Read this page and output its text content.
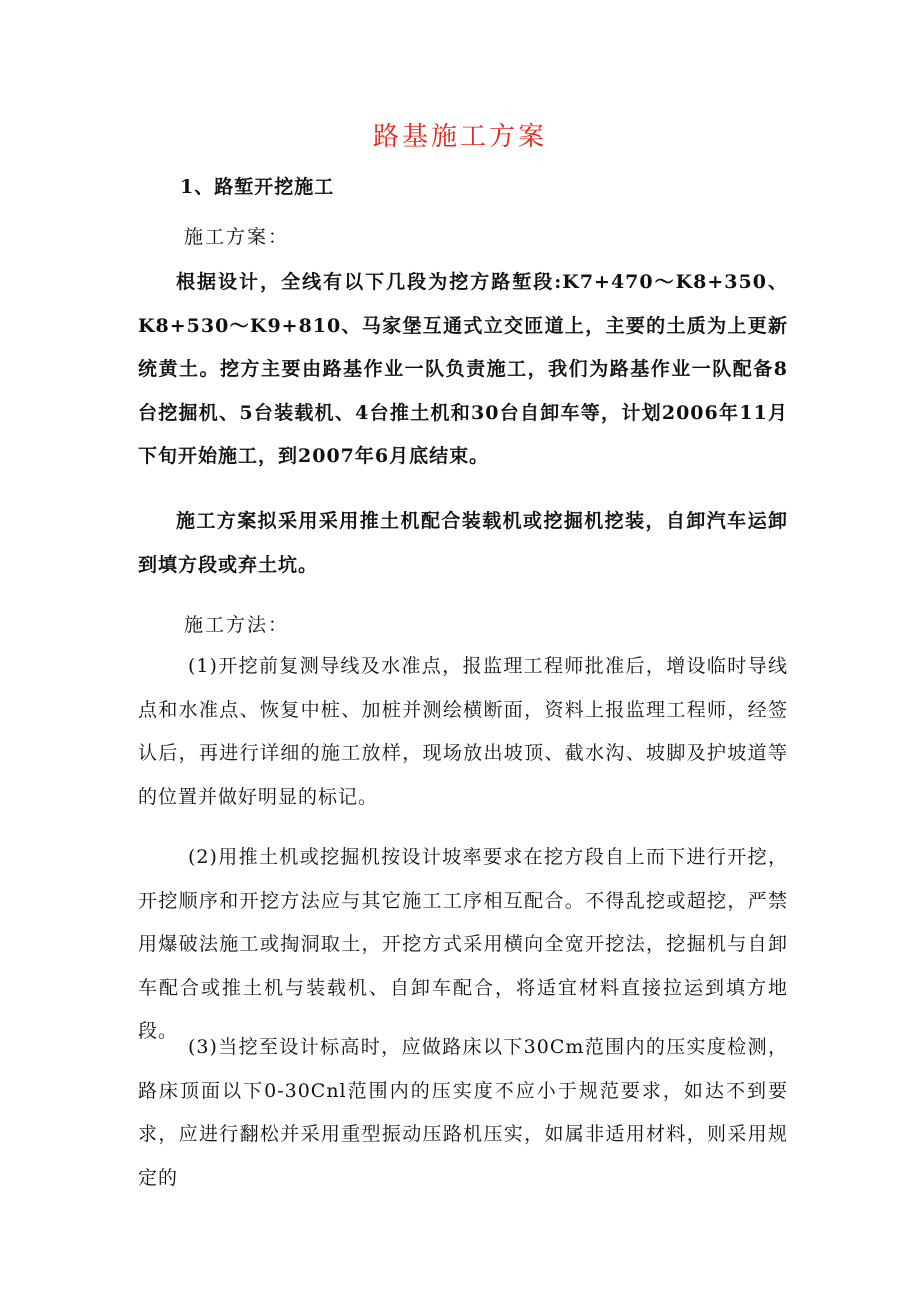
路基施工方案
1、路堑开挖施工
施工方案：
根据设计，全线有以下几段为挖方路堑段:K7+470～K8+350、K8+530～K9+810、马家堡互通式立交匝道上，主要的土质为上更新统黄土。挖方主要由路基作业一队负责施工，我们为路基作业一队配备8台挖掘机、5台装载机、4台推土机和30台自卸车等，计划2006年11月下旬开始施工，到2007年6月底结束。
施工方案拟采用采用推土机配合装载机或挖掘机挖装，自卸汽车运卸到填方段或弃土坑。
施工方法：
(1)开挖前复测导线及水准点，报监理工程师批准后，增设临时导线点和水准点、恢复中桩、加桩并测绘横断面，资料上报监理工程师，经签认后，再进行详细的施工放样，现场放出坡顶、截水沟、坡脚及护坡道等的位置并做好明显的标记。
(2)用推土机或挖掘机按设计坡率要求在挖方段自上而下进行开挖，开挖顺序和开挖方法应与其它施工工序相互配合。不得乱挖或超挖，严禁用爆破法施工或掏洞取土，开挖方式采用横向全宽开挖法，挖掘机与自卸车配合或推土机与装载机、自卸车配合，将适宜材料直接拉运到填方地段。
(3)当挖至设计标高时，应做路床以下30Cm范围内的压实度检测，路床顶面以下0-30Cnl范围内的压实度不应小于规范要求，如达不到要求，应进行翻松并采用重型振动压路机压实，如属非适用材料，则采用规定的
